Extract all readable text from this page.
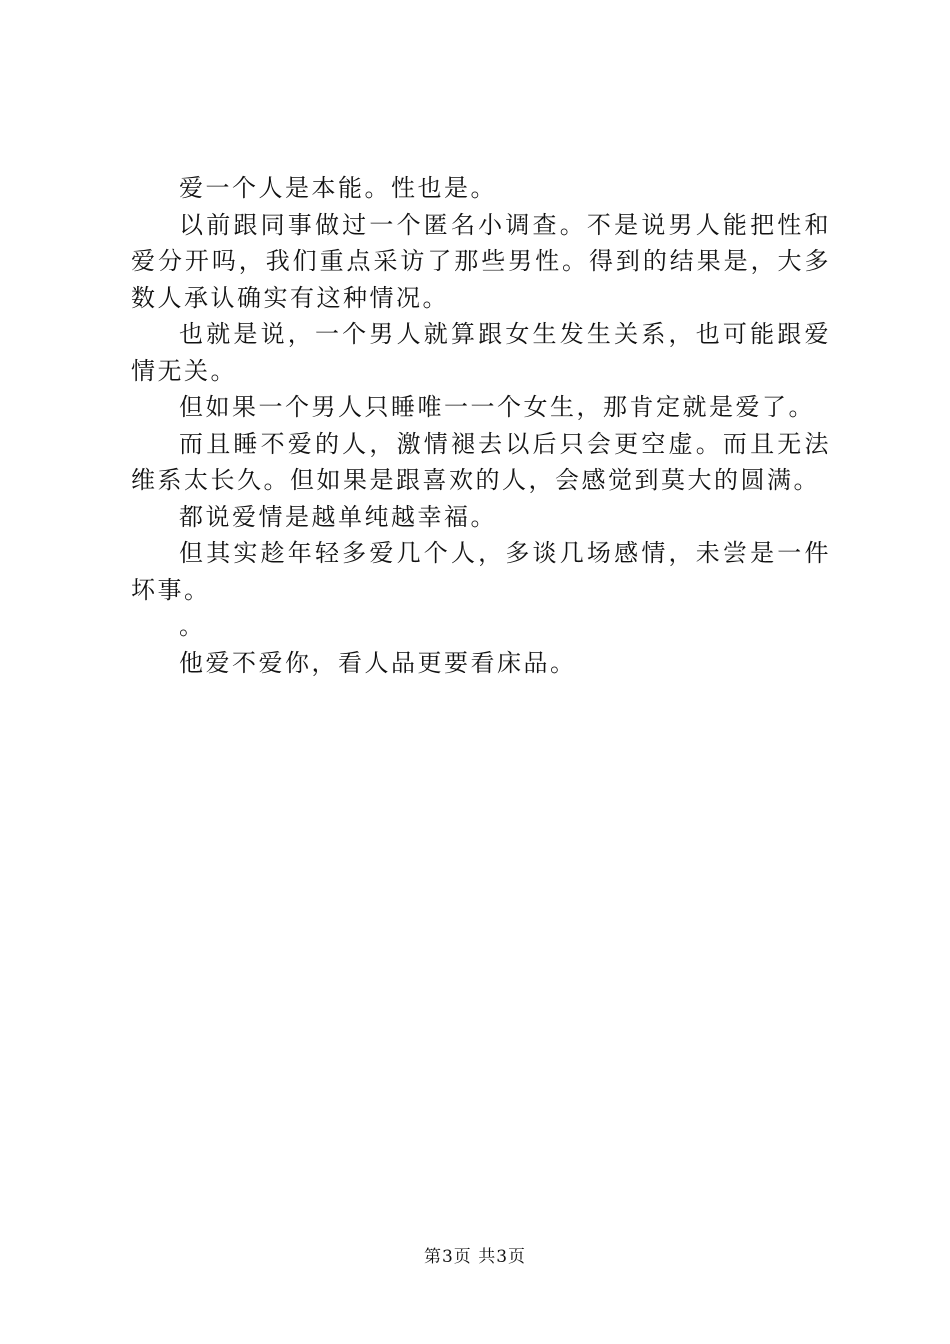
爱一个人是本能。性也是。

以前跟同事做过一个匿名小调查。不是说男人能把性和爱分开吗，我们重点采访了那些男性。得到的结果是，大多数人承认确实有这种情况。

也就是说，一个男人就算跟女生发生关系，也可能跟爱情无关。

但如果一个男人只睡唯一一个女生，那肯定就是爱了。

而且睡不爱的人，激情褪去以后只会更空虚。而且无法维系太长久。但如果是跟喜欢的人，会感觉到莫大的圆满。

都说爱情是越单纯越幸福。

但其实趁年轻多爱几个人，多谈几场感情，未尝是一件坏事。

。

他爱不爱你，看人品更要看床品。

第3页 共3页
